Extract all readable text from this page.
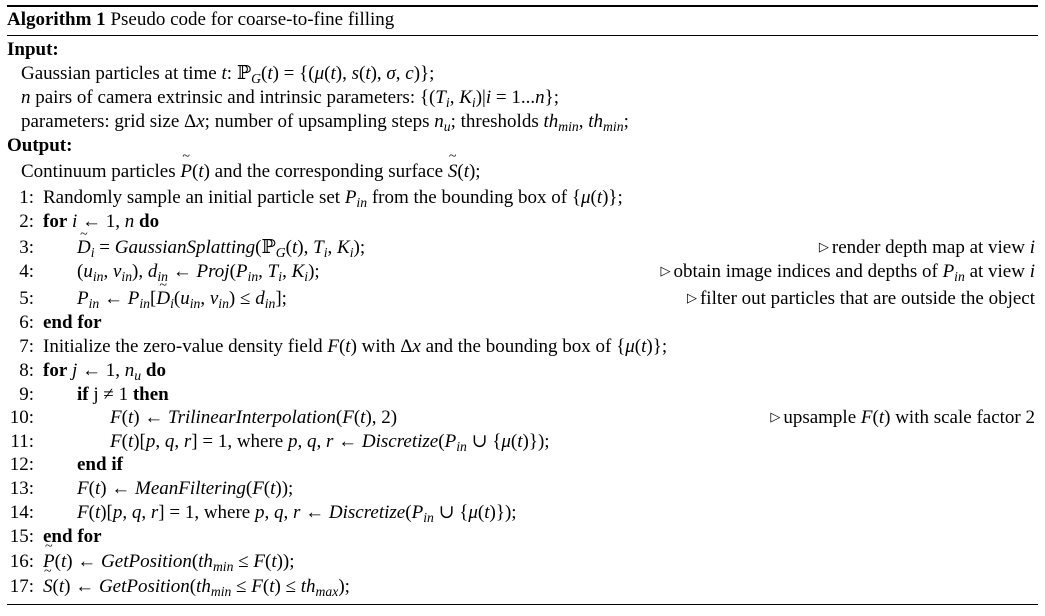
Algorithm 1 Pseudo code for coarse-to-fine filling
Input:
Gaussian particles at time t: ℙ$_G$(t) = {(μ(t), s(t), σ, c)};
n pairs of camera extrinsic and intrinsic parameters: {($T_i$, $K_i)|i = 1...n$};
parameters: grid size Δx; number of upsampling steps $n_u$; thresholds $th_{min}$, $th_{min}$;
Output:
Continuum particles ~ P(t) and the corresponding surface ~ S(t);
1: Randomly sample an initial particle set $P_{in}$ from the bounding box of {μ(t)};
2: for i ← 1, n do
3: ~ $D_i$ = GaussianSplatting(ℙ$_G$(t), $T_i$, $K_i$);	▷ render depth map at view i
4: ($u_{in}$, $v_{in}$), $d_{in}$ ← $Proj(P_{in}$, $T_i$, $K_i$);	▷ obtain image indices and depths of $P_{in}$ at view i
5: $P_{in}$ ← $P_{in}[\sim$ $D_i(u_{in}$, $v_{in}) \le d_{in}$];	▷ filter out particles that are outside the object
6: end for
7: Initialize the zero-value density field F(t) with Δx and the bounding box of {μ(t)};
8: for j ← 1, $n_u$ do
9: if j ≠ 1 then
10:	F(t) ← TrilinearInterpolation(F(t), 2)	▷ upsample F(t) with scale factor 2
11:	F(t)[p, q, r] = 1, where p, q, r ← $Discretize(P_{in}$ ∪ {μ(t)});
12: end if
13: F(t) ← MeanFiltering(F(t));
14: F(t)[p, q, r] = 1, where p, q, r ← $Discretize(P_{in}$ ∪ {μ(t)});
15: end for
16: ~ P(t) ← $GetPosition(th_{min} \le F(t))$;
17: ~ S(t) ← $GetPosition(th_{min} \le F(t) \le th_{max})$;
